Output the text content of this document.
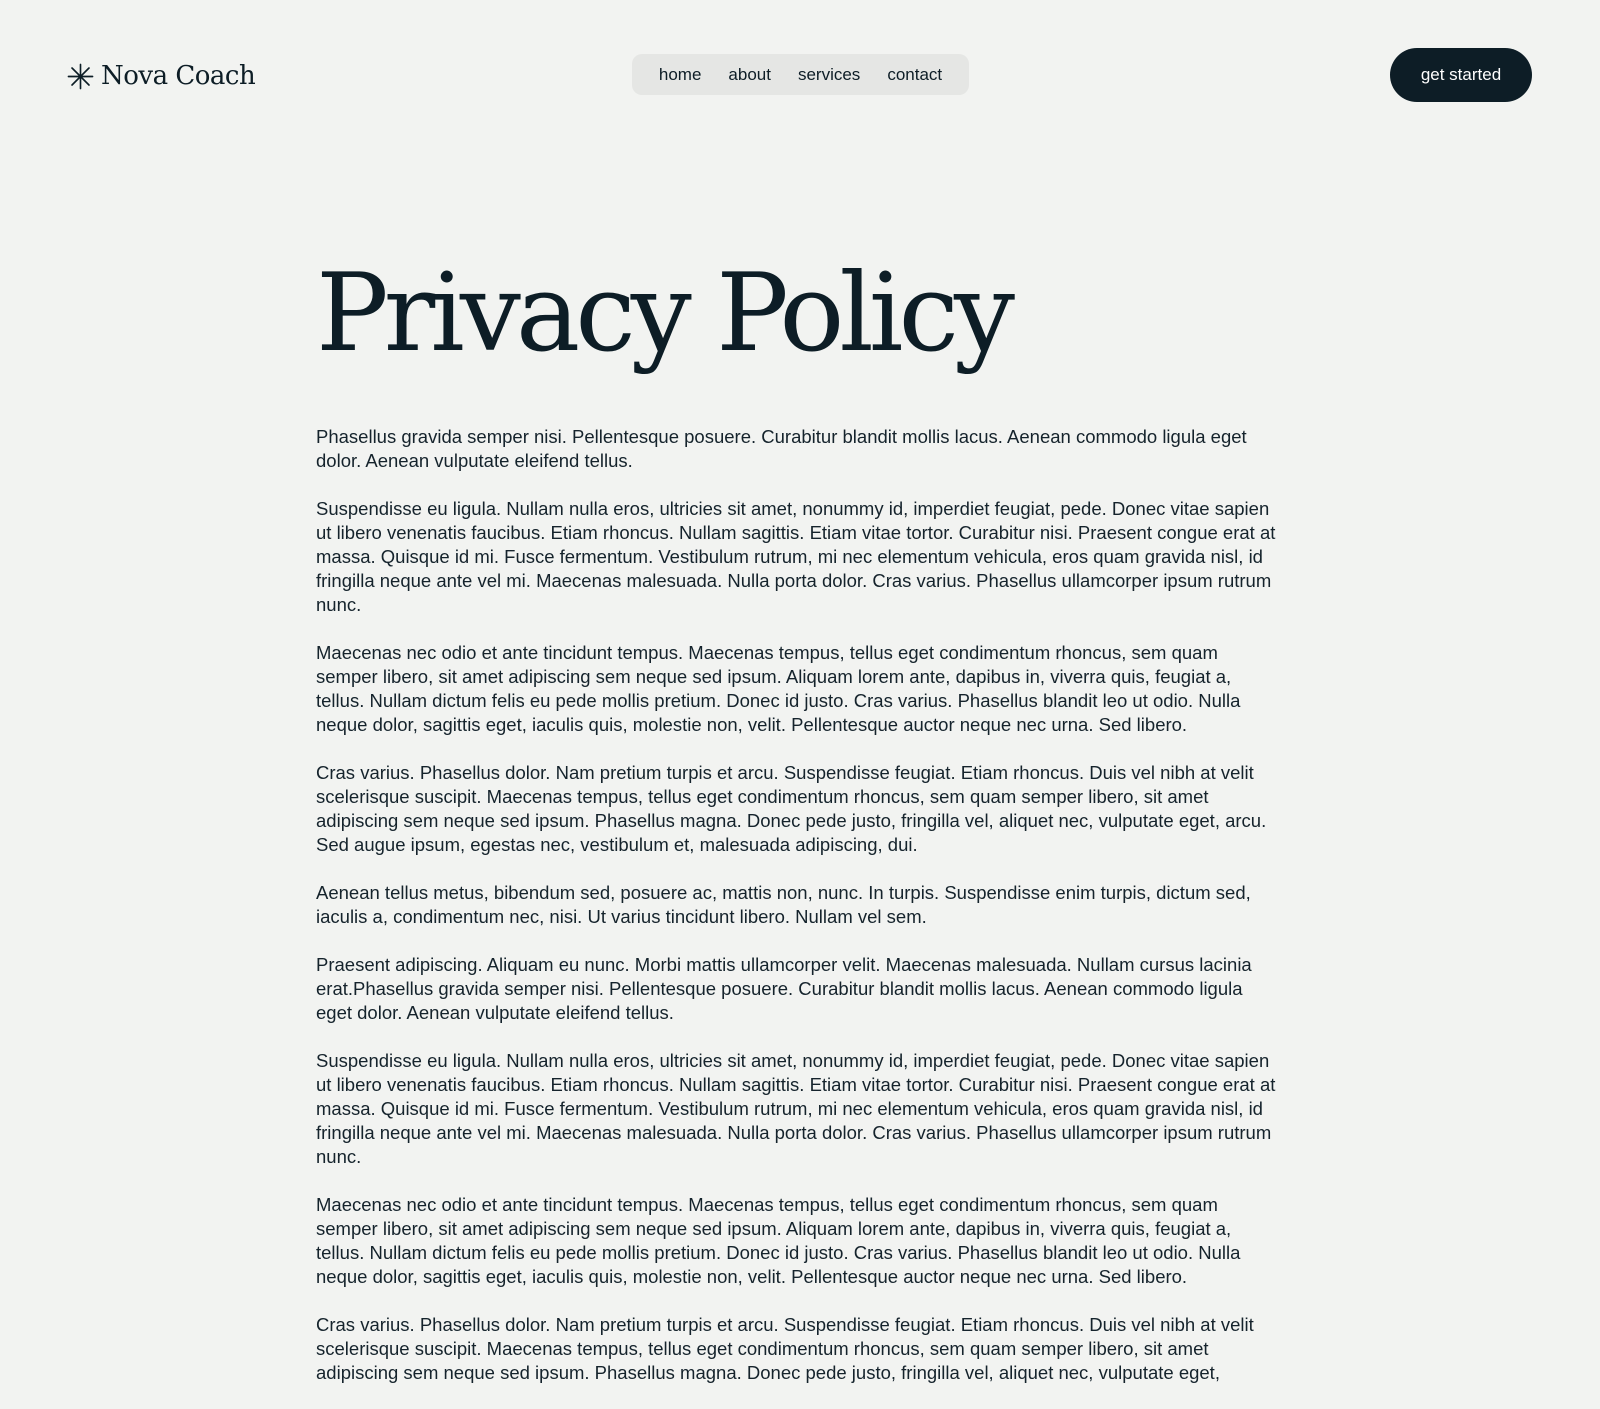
Nova Coach	home about services contact	get started
Privacy Policy

Phasellus gravida semper nisi. Pellentesque posuere. Curabitur blandit mollis lacus. Aenean commodo ligula eget dolor. Aenean vulputate eleifend tellus.

Suspendisse eu ligula. Nullam nulla eros, ultricies sit amet, nonummy id, imperdiet feugiat, pede. Donec vitae sapien ut libero venenatis faucibus. Etiam rhoncus. Nullam sagittis. Etiam vitae tortor. Curabitur nisi. Praesent congue erat at massa. Quisque id mi. Fusce fermentum. Vestibulum rutrum, mi nec elementum vehicula, eros quam gravida nisl, id fringilla neque ante vel mi. Maecenas malesuada. Nulla porta dolor. Cras varius. Phasellus ullamcorper ipsum rutrum nunc.

Maecenas nec odio et ante tincidunt tempus. Maecenas tempus, tellus eget condimentum rhoncus, sem quam semper libero, sit amet adipiscing sem neque sed ipsum. Aliquam lorem ante, dapibus in, viverra quis, feugiat a, tellus. Nullam dictum felis eu pede mollis pretium. Donec id justo. Cras varius. Phasellus blandit leo ut odio. Nulla neque dolor, sagittis eget, iaculis quis, molestie non, velit. Pellentesque auctor neque nec urna. Sed libero.

Cras varius. Phasellus dolor. Nam pretium turpis et arcu. Suspendisse feugiat. Etiam rhoncus. Duis vel nibh at velit scelerisque suscipit. Maecenas tempus, tellus eget condimentum rhoncus, sem quam semper libero, sit amet adipiscing sem neque sed ipsum. Phasellus magna. Donec pede justo, fringilla vel, aliquet nec, vulputate eget, arcu. Sed augue ipsum, egestas nec, vestibulum et, malesuada adipiscing, dui.

Aenean tellus metus, bibendum sed, posuere ac, mattis non, nunc. In turpis. Suspendisse enim turpis, dictum sed, iaculis a, condimentum nec, nisi. Ut varius tincidunt libero. Nullam vel sem.

Praesent adipiscing. Aliquam eu nunc. Morbi mattis ullamcorper velit. Maecenas malesuada. Nullam cursus lacinia erat.Phasellus gravida semper nisi. Pellentesque posuere. Curabitur blandit mollis lacus. Aenean commodo ligula eget dolor. Aenean vulputate eleifend tellus.

Suspendisse eu ligula. Nullam nulla eros, ultricies sit amet, nonummy id, imperdiet feugiat, pede. Donec vitae sapien ut libero venenatis faucibus. Etiam rhoncus. Nullam sagittis. Etiam vitae tortor. Curabitur nisi. Praesent congue erat at massa. Quisque id mi. Fusce fermentum. Vestibulum rutrum, mi nec elementum vehicula, eros quam gravida nisl, id fringilla neque ante vel mi. Maecenas malesuada. Nulla porta dolor. Cras varius. Phasellus ullamcorper ipsum rutrum nunc.

Maecenas nec odio et ante tincidunt tempus. Maecenas tempus, tellus eget condimentum rhoncus, sem quam semper libero, sit amet adipiscing sem neque sed ipsum. Aliquam lorem ante, dapibus in, viverra quis, feugiat a, tellus. Nullam dictum felis eu pede mollis pretium. Donec id justo. Cras varius. Phasellus blandit leo ut odio. Nulla neque dolor, sagittis eget, iaculis quis, molestie non, velit. Pellentesque auctor neque nec urna. Sed libero.

Cras varius. Phasellus dolor. Nam pretium turpis et arcu. Suspendisse feugiat. Etiam rhoncus. Duis vel nibh at velit scelerisque suscipit. Maecenas tempus, tellus eget condimentum rhoncus, sem quam semper libero, sit amet adipiscing sem neque sed ipsum. Phasellus magna. Donec pede justo, fringilla vel, aliquet nec, vulputate eget,
